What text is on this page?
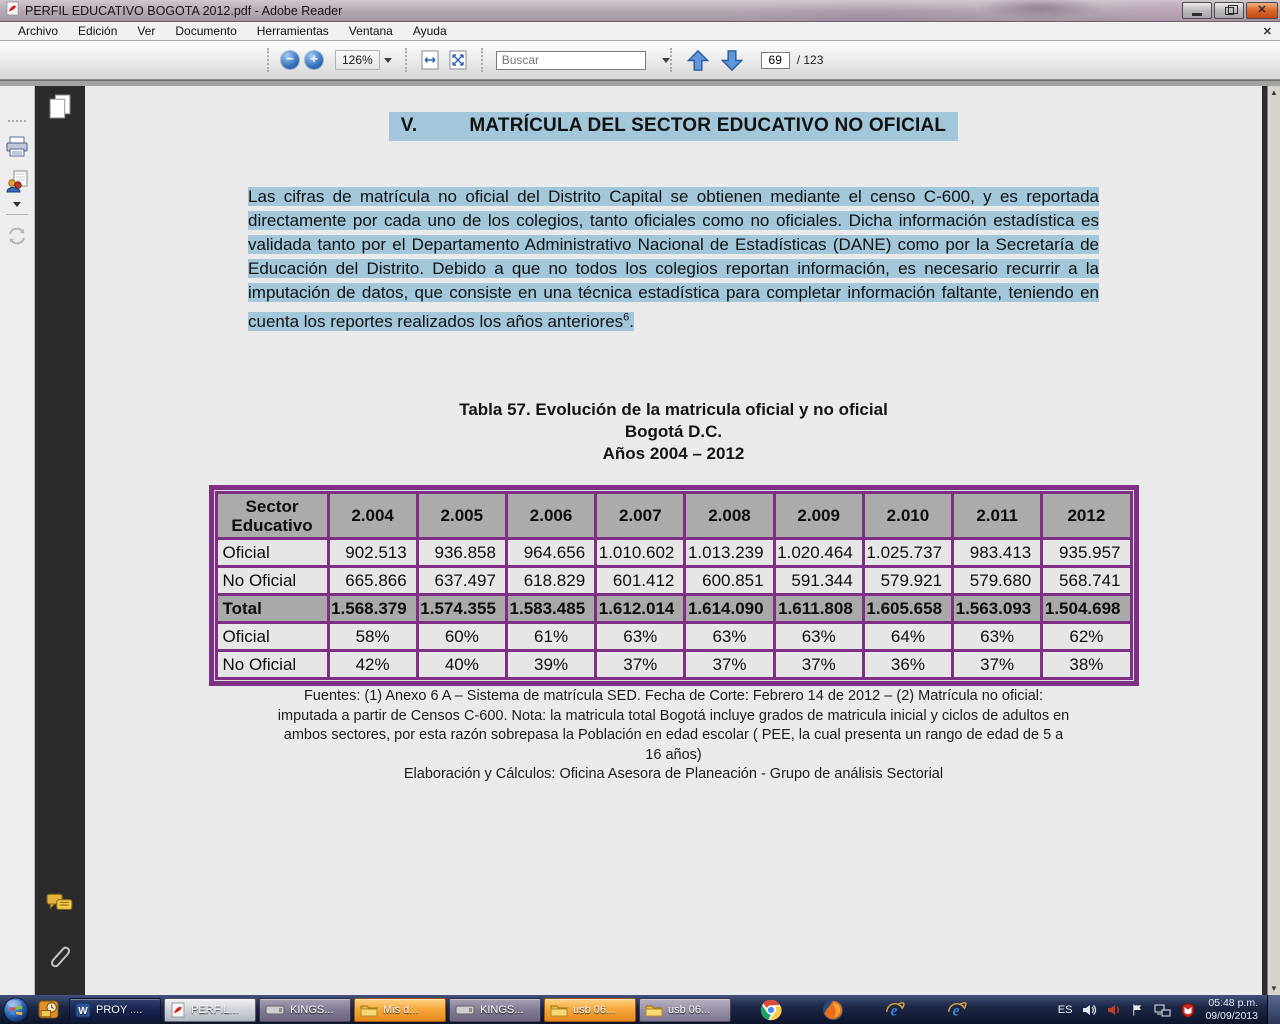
PERFIL EDUCATIVO BOGOTA 2012.pdf - Adobe Reader	✕
Archivo	Edición	Ver	Documento	Herramientas	Ventana	Ayuda	✕
−	+	126%
Buscar
69	/ 123
V.	MATRÍCULA DEL SECTOR EDUCATIVO NO OFICIAL
Las cifras de matrícula no oficial del Distrito Capital se obtienen mediante el censo C-600, y es reportada directamente por cada uno de los colegios, tanto oficiales como no oficiales. Dicha información estadística es validada tanto por el Departamento Administrativo Nacional de Estadísticas (DANE) como por la Secretaría de Educación del Distrito. Debido a que no todos los colegios reportan información, es necesario recurrir a la imputación de datos, que consiste en una técnica estadística para completar información faltante, teniendo en cuenta los reportes realizados los años anteriores$^6$.
Tabla 57. Evolución de la matricula oficial y no oficial
Bogotá D.C.
Años 2004 – 2012
Sector Educativo	2.004	2.005	2.006	2.007	2.008	2.009	2.010	2.011	2012
Oficial	902.513	936.858	964.656	1.010.602	1.013.239	1.020.464	1.025.737	983.413	935.957
No Oficial	665.866	637.497	618.829	601.412	600.851	591.344	579.921	579.680	568.741
Total	1.568.379	1.574.355	1.583.485	1.612.014	1.614.090	1.611.808	1.605.658	1.563.093	1.504.698
Oficial	58%	60%	61%	63%	63%	63%	64%	63%	62%
No Oficial	42%	40%	39%	37%	37%	37%	36%	37%	38%
Fuentes: (1) Anexo 6 A – Sistema de matrícula SED. Fecha de Corte: Febrero 14 de 2012 – (2) Matrícula no oficial:
imputada a partir de Censos C-600. Nota: la matricula total Bogotá incluye grados de matricula inicial y ciclos de adultos en
ambos sectores, por esta razón sobrepasa la Población en edad escolar ( PEE, la cual presenta un rango de edad de 5 a
16 años)
Elaboración y Cálculos: Oficina Asesora de Planeación - Grupo de análisis Sectorial
▲
▼
W PROY ....	PERFIL...	KINGS...	Mis d...	KINGS...	usb 06...	usb 06...	e	e	ES
05:48 p.m.
09/09/2013
